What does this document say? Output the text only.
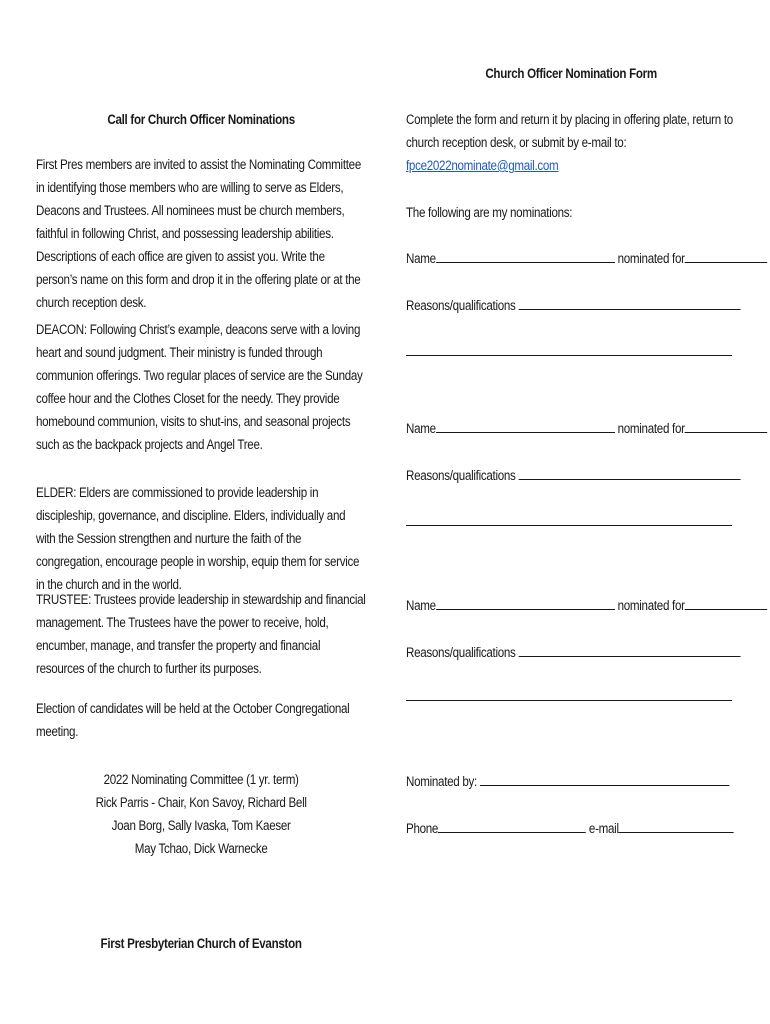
Call for Church Officer Nominations
First Pres members are invited to assist the Nominating Committee in identifying those members who are willing to serve as Elders, Deacons and Trustees. All nominees must be church members, faithful in following Christ, and possessing leadership abilities. Descriptions of each office are given to assist you. Write the person’s name on this form and drop it in the offering plate or at the church reception desk.
DEACON: Following Christ’s example, deacons serve with a loving heart and sound judgment. Their ministry is funded through communion offerings. Two regular places of service are the Sunday coffee hour and the Clothes Closet for the needy. They provide homebound communion, visits to shut-ins, and seasonal projects such as the backpack projects and Angel Tree.
ELDER: Elders are commissioned to provide leadership in discipleship, governance, and discipline. Elders, individually and with the Session strengthen and nurture the faith of the congregation, encourage people in worship, equip them for service in the church and in the world.
TRUSTEE: Trustees provide leadership in stewardship and financial management. The Trustees have the power to receive, hold, encumber, manage, and transfer the property and financial resources of the church to further its purposes.
Election of candidates will be held at the October Congregational meeting.
2022 Nominating Committee (1 yr. term)
Rick Parris - Chair, Kon Savoy, Richard Bell
Joan Borg, Sally Ivaska, Tom Kaeser
May Tchao, Dick Warnecke
First Presbyterian Church of Evanston
Church Officer Nomination Form
Complete the form and return it by placing in offering plate, return to church reception desk, or submit by e-mail to:
fpce2022nominate@gmail.com
The following are my nominations:
Name	nominated for
Reasons/qualifications
Name	nominated for
Reasons/qualifications
Name	nominated for
Reasons/qualifications
Nominated by:
Phone	e-mail
